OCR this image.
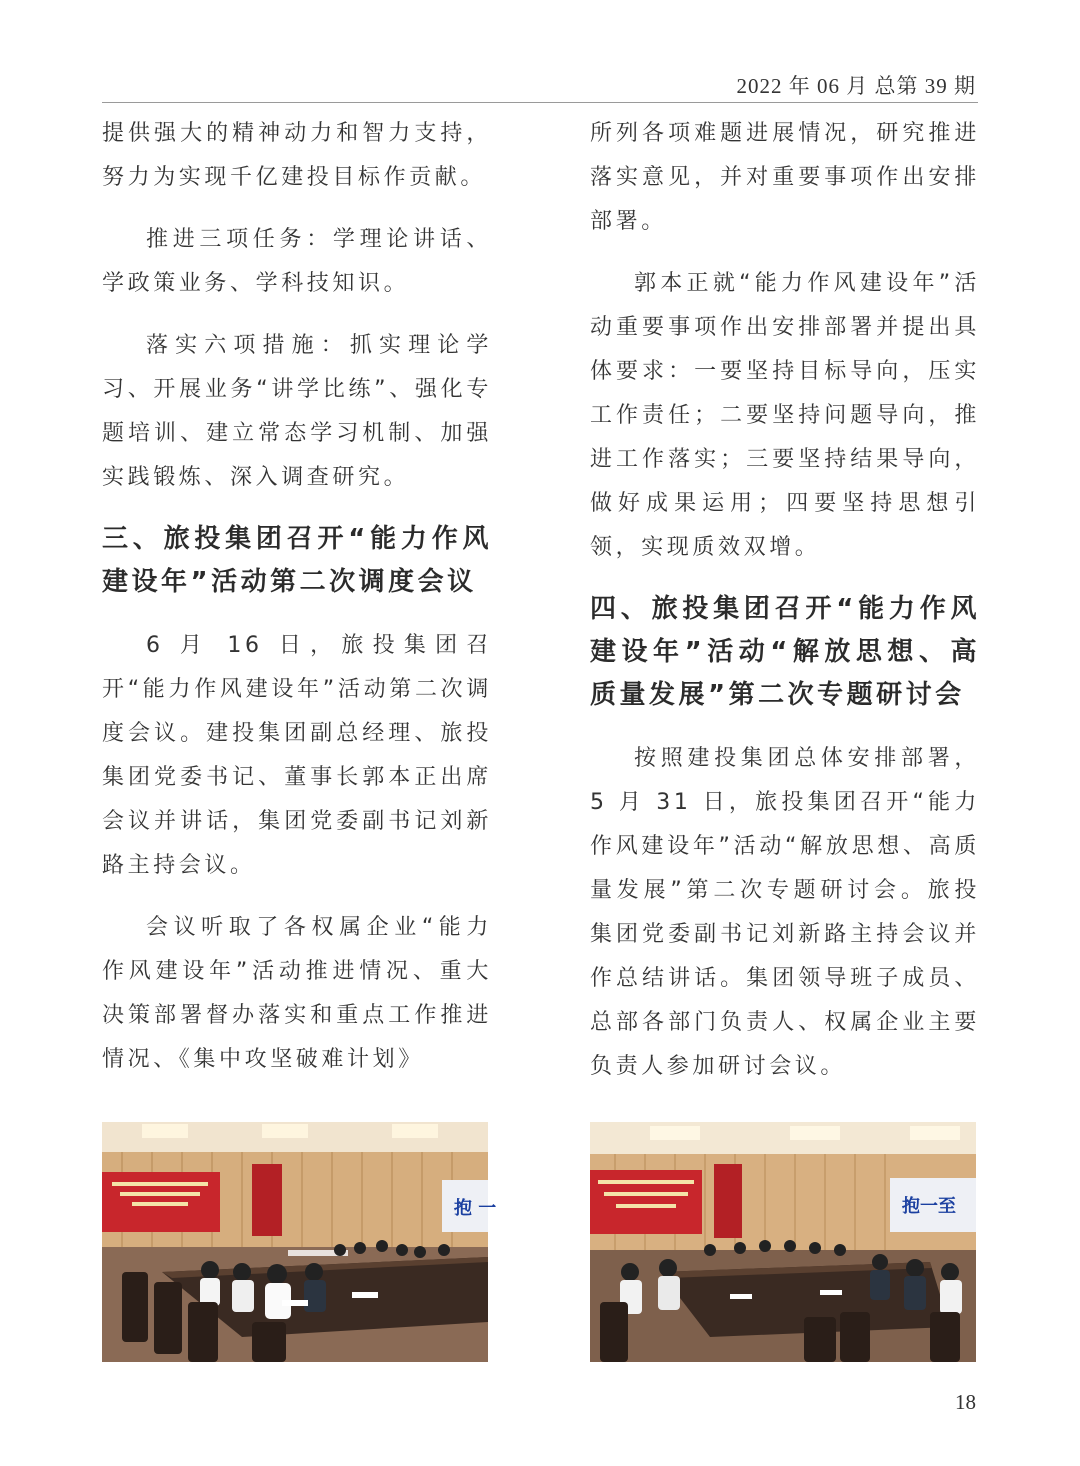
2022 年 06 月 总第 39 期

提供强大的精神动力和智力支持，努力为实现千亿建投目标作贡献。

推进三项任务：学理论讲话、学政策业务、学科技知识。

落实六项措施：抓实理论学习、开展业务“讲学比练”、强化专题培训、建立常态学习机制、加强实践锻炼、深入调查研究。

三、旅投集团召开“能力作风建设年”活动第二次调度会议

6 月 16 日，旅投集团召开“能力作风建设年”活动第二次调度会议。建投集团副总经理、旅投集团党委书记、董事长郭本正出席会议并讲话，集团党委副书记刘新路主持会议。

会议听取了各权属企业“能力作风建设年”活动推进情况、重大决策部署督办落实和重点工作推进情况、《集中攻坚破难计划》

所列各项难题进展情况，研究推进落实意见，并对重要事项作出安排部署。

郭本正就“能力作风建设年”活动重要事项作出安排部署并提出具体要求：一要坚持目标导向，压实工作责任；二要坚持问题导向，推进工作落实；三要坚持结果导向，做好成果运用；四要坚持思想引领，实现质效双增。

四、旅投集团召开“能力作风建设年”活动“解放思想、高质量发展”第二次专题研讨会

按照建投集团总体安排部署，5 月 31 日，旅投集团召开“能力作风建设年”活动“解放思想、高质量发展”第二次专题研讨会。旅投集团党委副书记刘新路主持会议并作总结讲话。集团领导班子成员、总部各部门负责人、权属企业主要负责人参加研讨会议。

抱 一	抱一至
18
